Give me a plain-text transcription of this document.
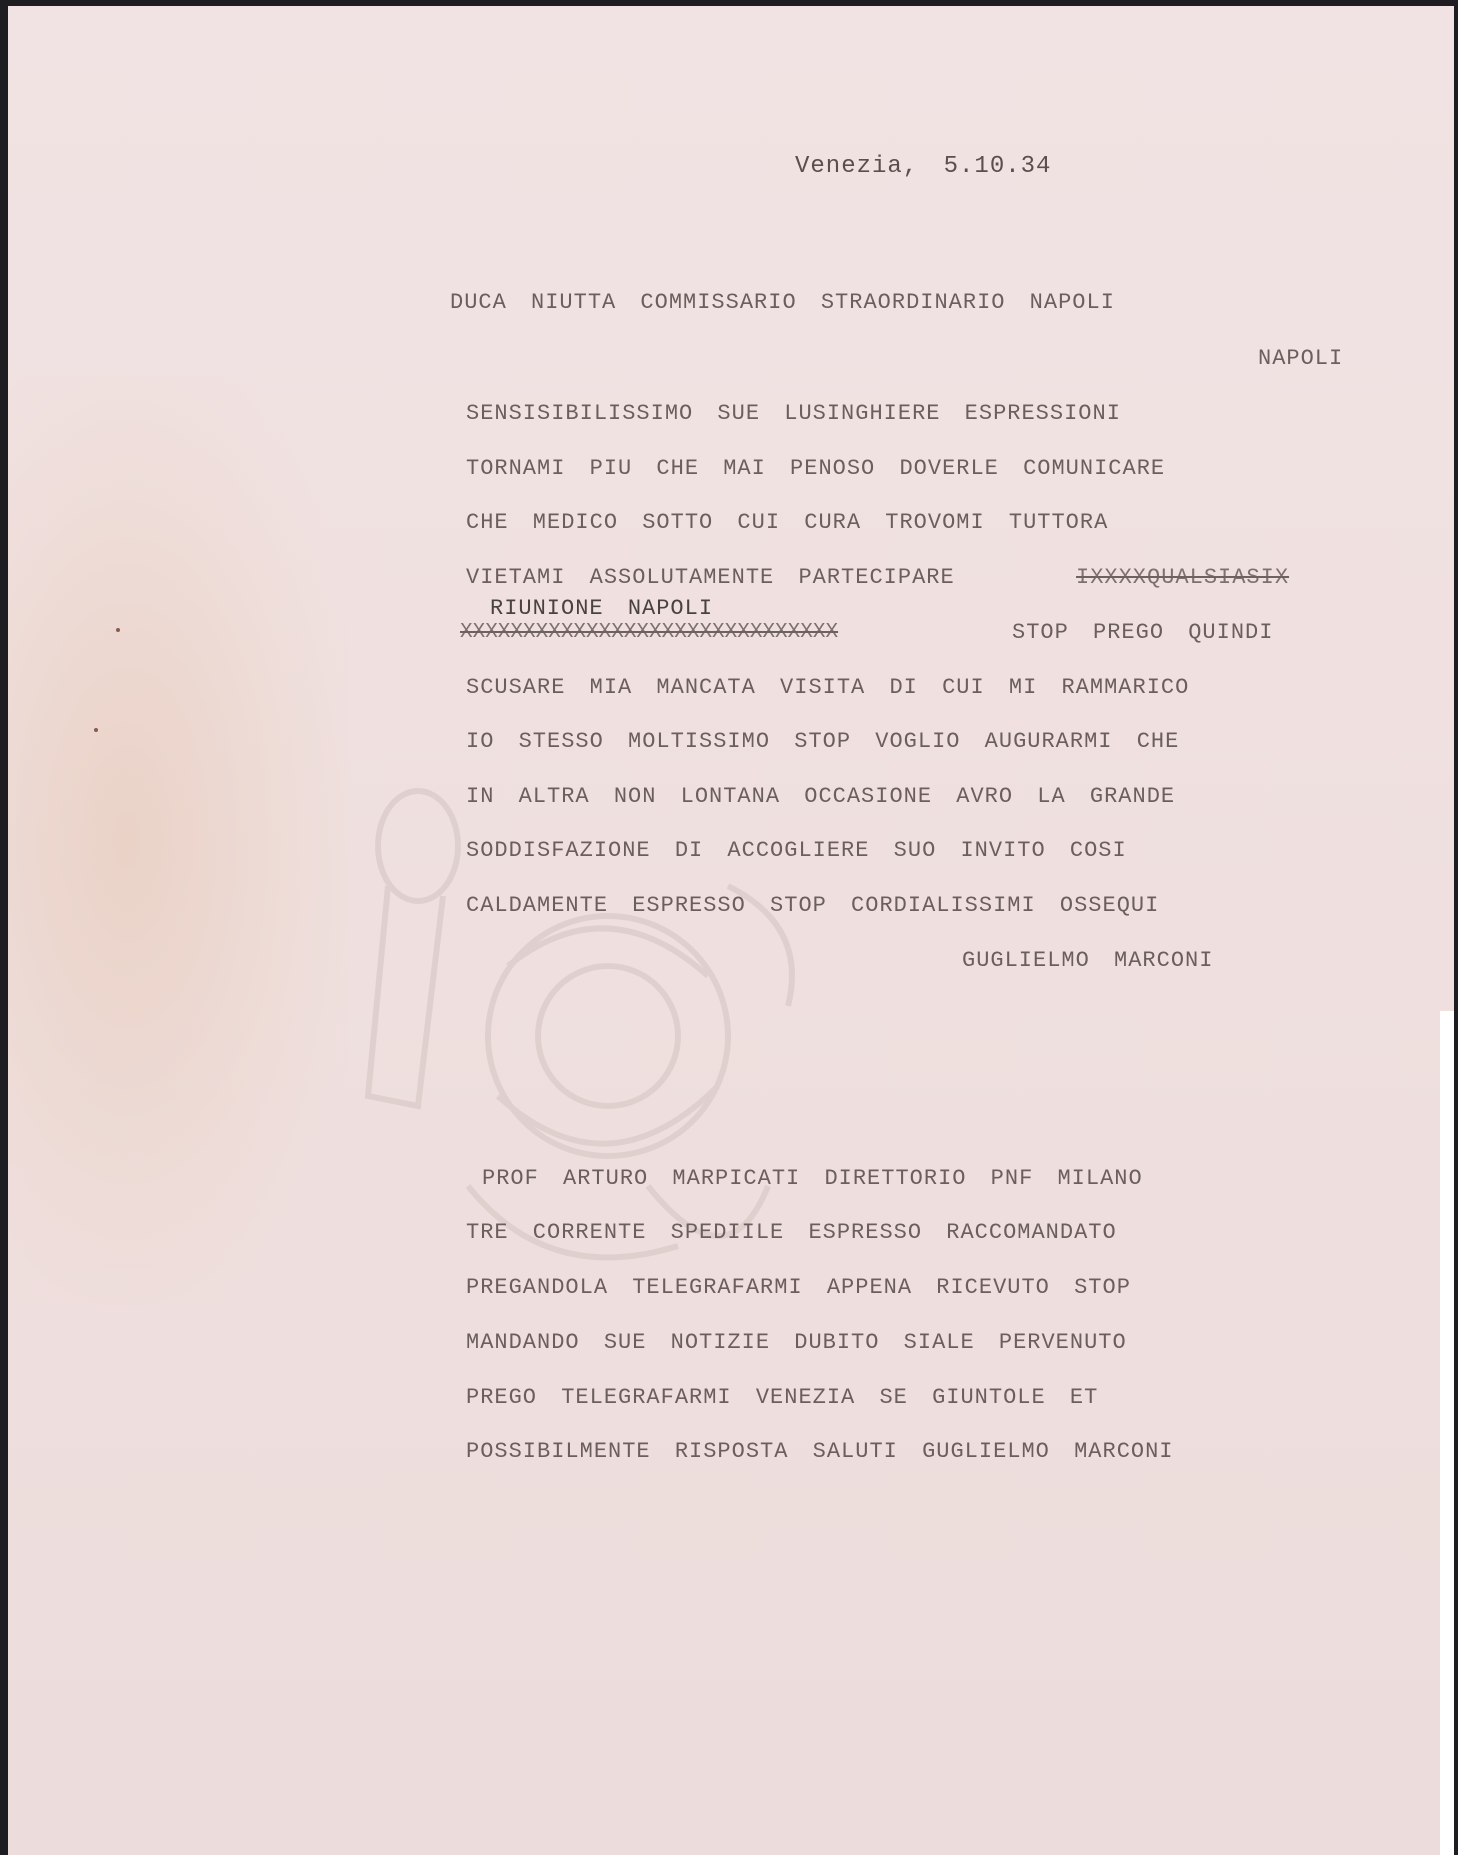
Venezia, 5.10.34
DUCA NIUTTA COMMISSARIO STRAORDINARIO NAPOLI
NAPOLI
SENSISIBILISSIMO SUE LUSINGHIERE ESPRESSIONI
TORNAMI PIU CHE MAI PENOSO DOVERLE COMUNICARE
CHE MEDICO SOTTO CUI CURA TROVOMI TUTTORA
VIETAMI ASSOLUTAMENTE PARTECIPARE	IXXXXQUALSIASIX
RIUNIONE NAPOLI
XXXXXXXXXXXXXXXXXXXXXXXXXXXXXX	STOP PREGO QUINDI
SCUSARE MIA MANCATA VISITA DI CUI MI RAMMARICO
IO STESSO MOLTISSIMO STOP VOGLIO AUGURARMI CHE
IN ALTRA NON LONTANA OCCASIONE AVRO LA GRANDE
SODDISFAZIONE DI ACCOGLIERE SUO INVITO COSI
CALDAMENTE ESPRESSO STOP CORDIALISSIMI OSSEQUI
GUGLIELMO MARCONI
PROF ARTURO MARPICATI DIRETTORIO PNF MILANO
TRE CORRENTE SPEDIILE ESPRESSO RACCOMANDATO
PREGANDOLA TELEGRAFARMI APPENA RICEVUTO STOP
MANDANDO SUE NOTIZIE DUBITO SIALE PERVENUTO
PREGO TELEGRAFARMI VENEZIA SE GIUNTOLE ET
POSSIBILMENTE RISPOSTA SALUTI GUGLIELMO MARCONI
